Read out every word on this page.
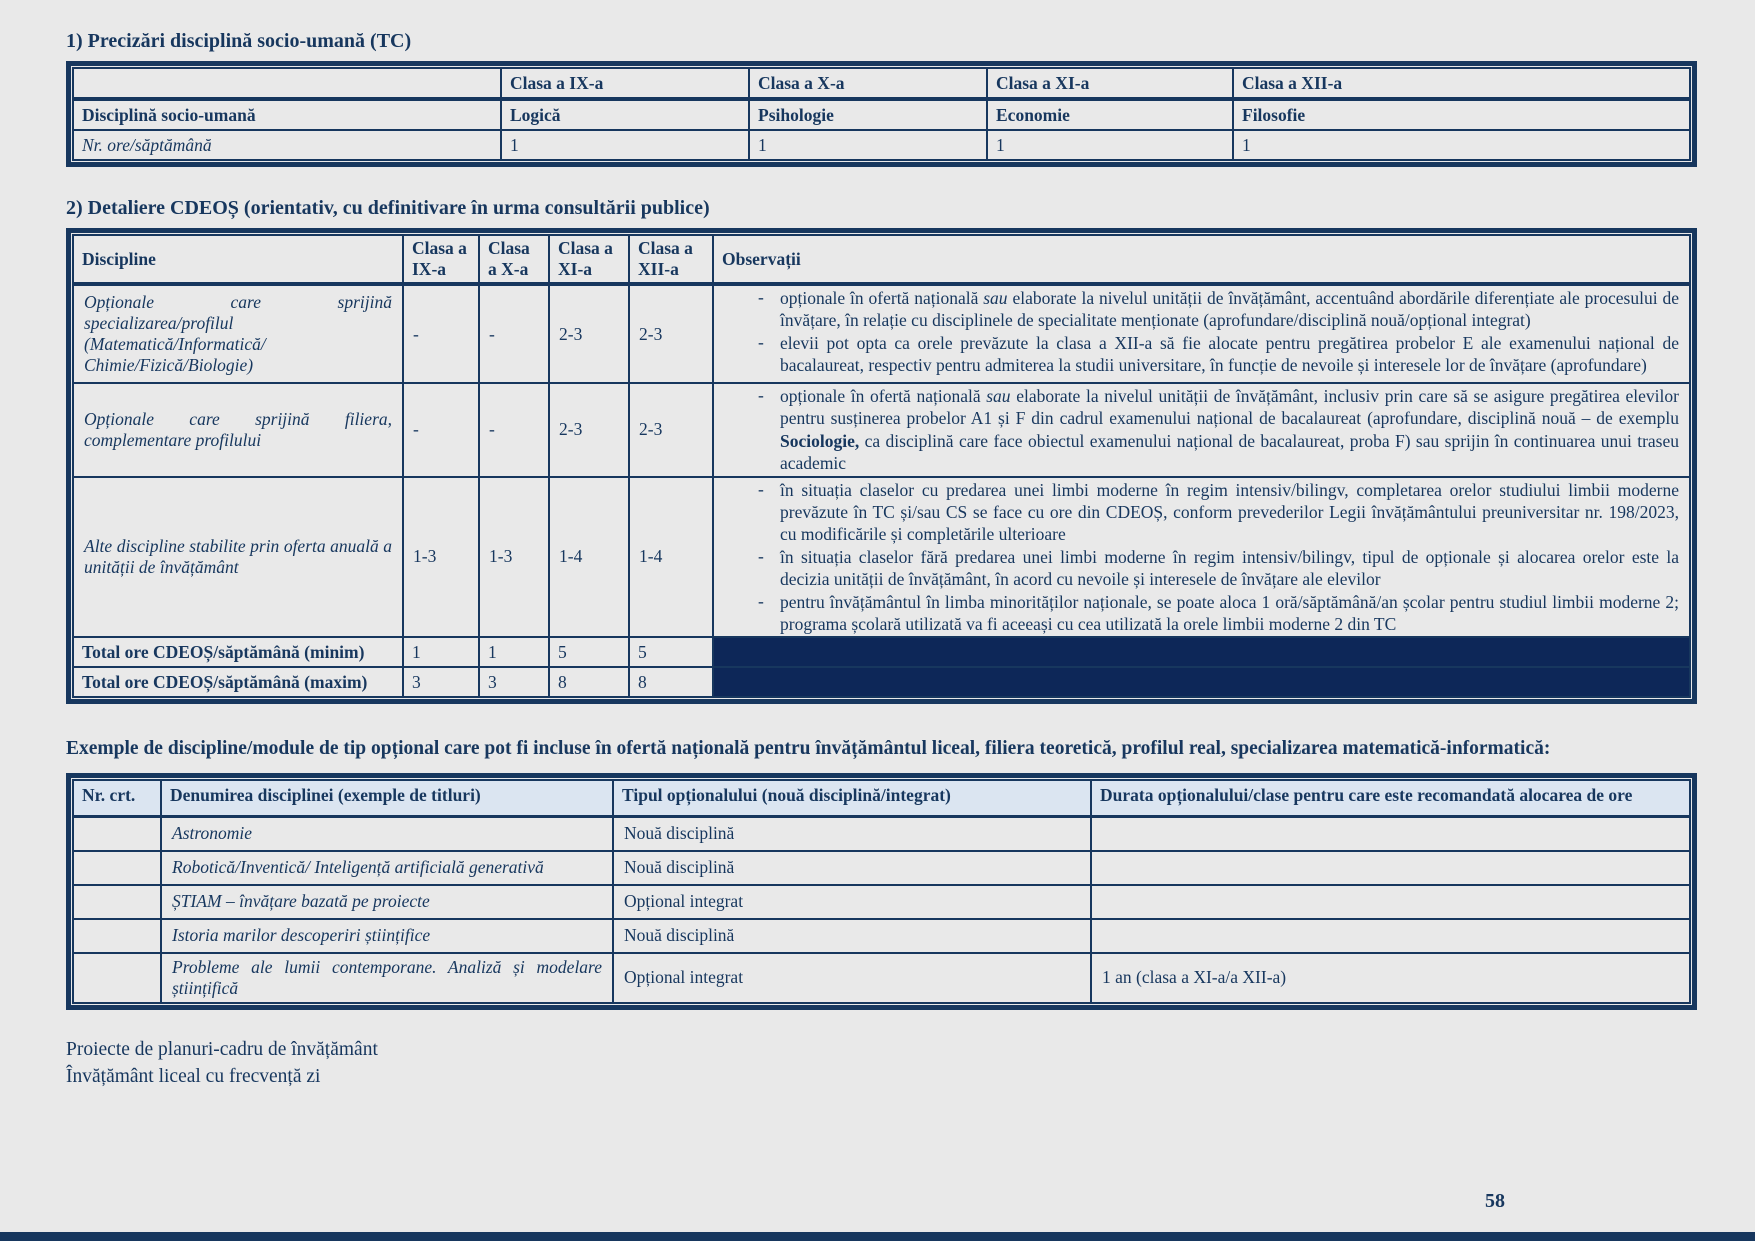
1) Precizări disciplină socio-umană (TC)
	Clasa a IX-a	Clasa a X-a	Clasa a XI-a	Clasa a XII-a
Disciplină socio-umană	Logică	Psihologie	Economie	Filosofie
Nr. ore/săptămână	1	1	1	1
2) Detaliere CDEOȘ (orientativ, cu definitivare în urma consultării publice)
Discipline	Clasa a IX-a	Clasa a X-a	Clasa a XI-a	Clasa a XII-a	Observații
Opționale care sprijină specializarea/profilul (Matematică/Informatică/ Chimie/Fizică/Biologie)	-	-	2-3	2-3	- opționale în ofertă națională sau elaborate la nivelul unității de învățământ, accentuând abordările diferențiate ale procesului de învățare, în relație cu disciplinele de specialitate menționate (aprofundare/disciplină nouă/opțional integrat)
- elevii pot opta ca orele prevăzute la clasa a XII-a să fie alocate pentru pregătirea probelor E ale examenului național de bacalaureat, respectiv pentru admiterea la studii universitare, în funcție de nevoile și interesele lor de învățare (aprofundare)

Opționale care sprijină filiera, complementare profilului	-	-	2-3	2-3	- opționale în ofertă națională sau elaborate la nivelul unității de învățământ, inclusiv prin care să se asigure pregătirea elevilor pentru susținerea probelor A1 și F din cadrul examenului național de bacalaureat (aprofundare, disciplină nouă – de exemplu Sociologie, ca disciplină care face obiectul examenului național de bacalaureat, proba F) sau sprijin în continuarea unui traseu academic

Alte discipline stabilite prin oferta anuală a unității de învățământ	1-3	1-3	1-4	1-4	
- în situația claselor cu predarea unei limbi moderne în regim intensiv/bilingv, completarea orelor studiului limbii moderne prevăzute în TC și/sau CS se face cu ore din CDEOȘ, conform prevederilor Legii învățământului preuniversitar nr. 198/2023, cu modificările și completările ulterioare
- în situația claselor fără predarea unei limbi moderne în regim intensiv/bilingv, tipul de opționale și alocarea orelor este la decizia unității de învățământ, în acord cu nevoile și interesele de învățare ale elevilor
- pentru învățământul în limba minorităților naționale, se poate aloca 1 oră/săptămână/an școlar pentru studiul limbii moderne 2; programa școlară utilizată va fi aceeași cu cea utilizată la orele limbii moderne 2 din TC

Total ore CDEOȘ/săptămână (minim)	1	1	5	5	
Total ore CDEOȘ/săptămână (maxim)	3	3	8	8	

Exemple de discipline/module de tip opțional care pot fi incluse în ofertă națională pentru învățământul liceal, filiera teoretică, profilul real, specializarea matematică-informatică:

Nr. crt.	Denumirea disciplinei (exemple de titluri)	Tipul opționalului (nouă disciplină/integrat)	Durata opționalului/clase pentru care este recomandată alocarea de ore
	Astronomie	Nouă disciplină	
	Robotică/Inventică/ Inteligență artificială generativă	Nouă disciplină	
	ȘTIAM – învățare bazată pe proiecte	Opțional integrat	
	Istoria marilor descoperiri științifice	Nouă disciplină	
	Probleme ale lumii contemporane. Analiză și modelare științifică	Opțional integrat	1 an (clasa a XI-a/a XII-a)
Proiecte de planuri-cadru de învățământ
Învățământ liceal cu frecvență zi
58
